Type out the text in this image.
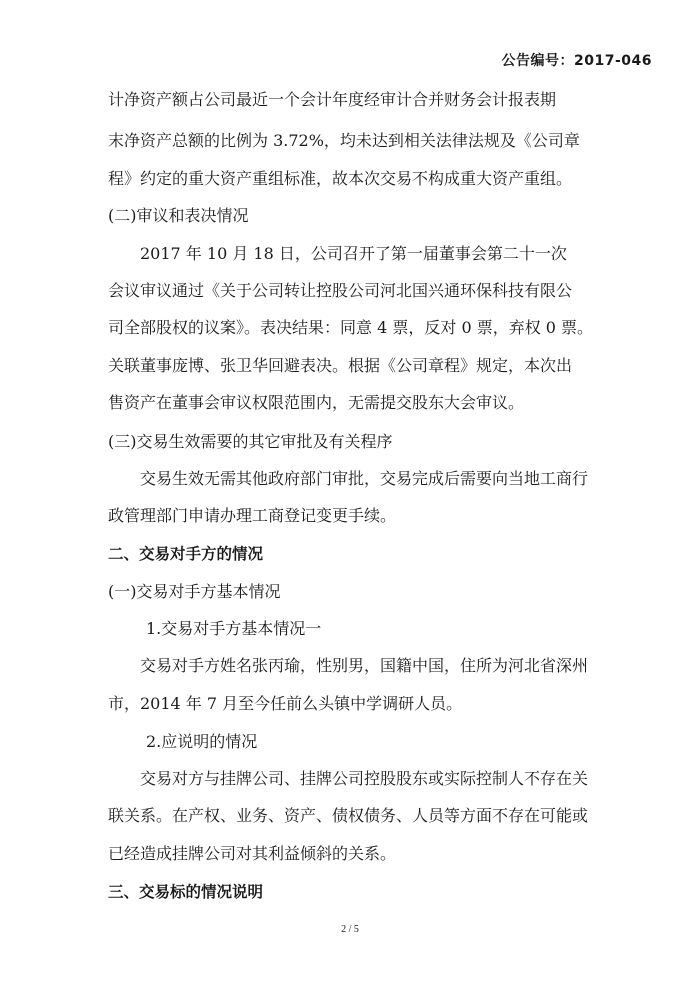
公告编号：2017-046
计净资产额占公司最近一个会计年度经审计合并财务会计报表期
末净资产总额的比例为 3.72%，均未达到相关法律法规及《公司章
程》约定的重大资产重组标准，故本次交易不构成重大资产重组。
(二)审议和表决情况
2017 年 10 月 18 日，公司召开了第一届董事会第二十一次
会议审议通过《关于公司转让控股公司河北国兴通环保科技有限公
司全部股权的议案》。表决结果：同意 4 票，反对 0 票，弃权 0 票。
关联董事庞博、张卫华回避表决。根据《公司章程》规定，本次出
售资产在董事会审议权限范围内，无需提交股东大会审议。
(三)交易生效需要的其它审批及有关程序
交易生效无需其他政府部门审批，交易完成后需要向当地工商行
政管理部门申请办理工商登记变更手续。
二、交易对手方的情况
(一)交易对手方基本情况
1.交易对手方基本情况一
交易对手方姓名张丙瑜，性别男，国籍中国，住所为河北省深州
市，2014 年 7 月至今任前么头镇中学调研人员。
2.应说明的情况
交易对方与挂牌公司、挂牌公司控股股东或实际控制人不存在关
联关系。在产权、业务、资产、债权债务、人员等方面不存在可能或
已经造成挂牌公司对其利益倾斜的关系。
三、交易标的情况说明
2 / 5
